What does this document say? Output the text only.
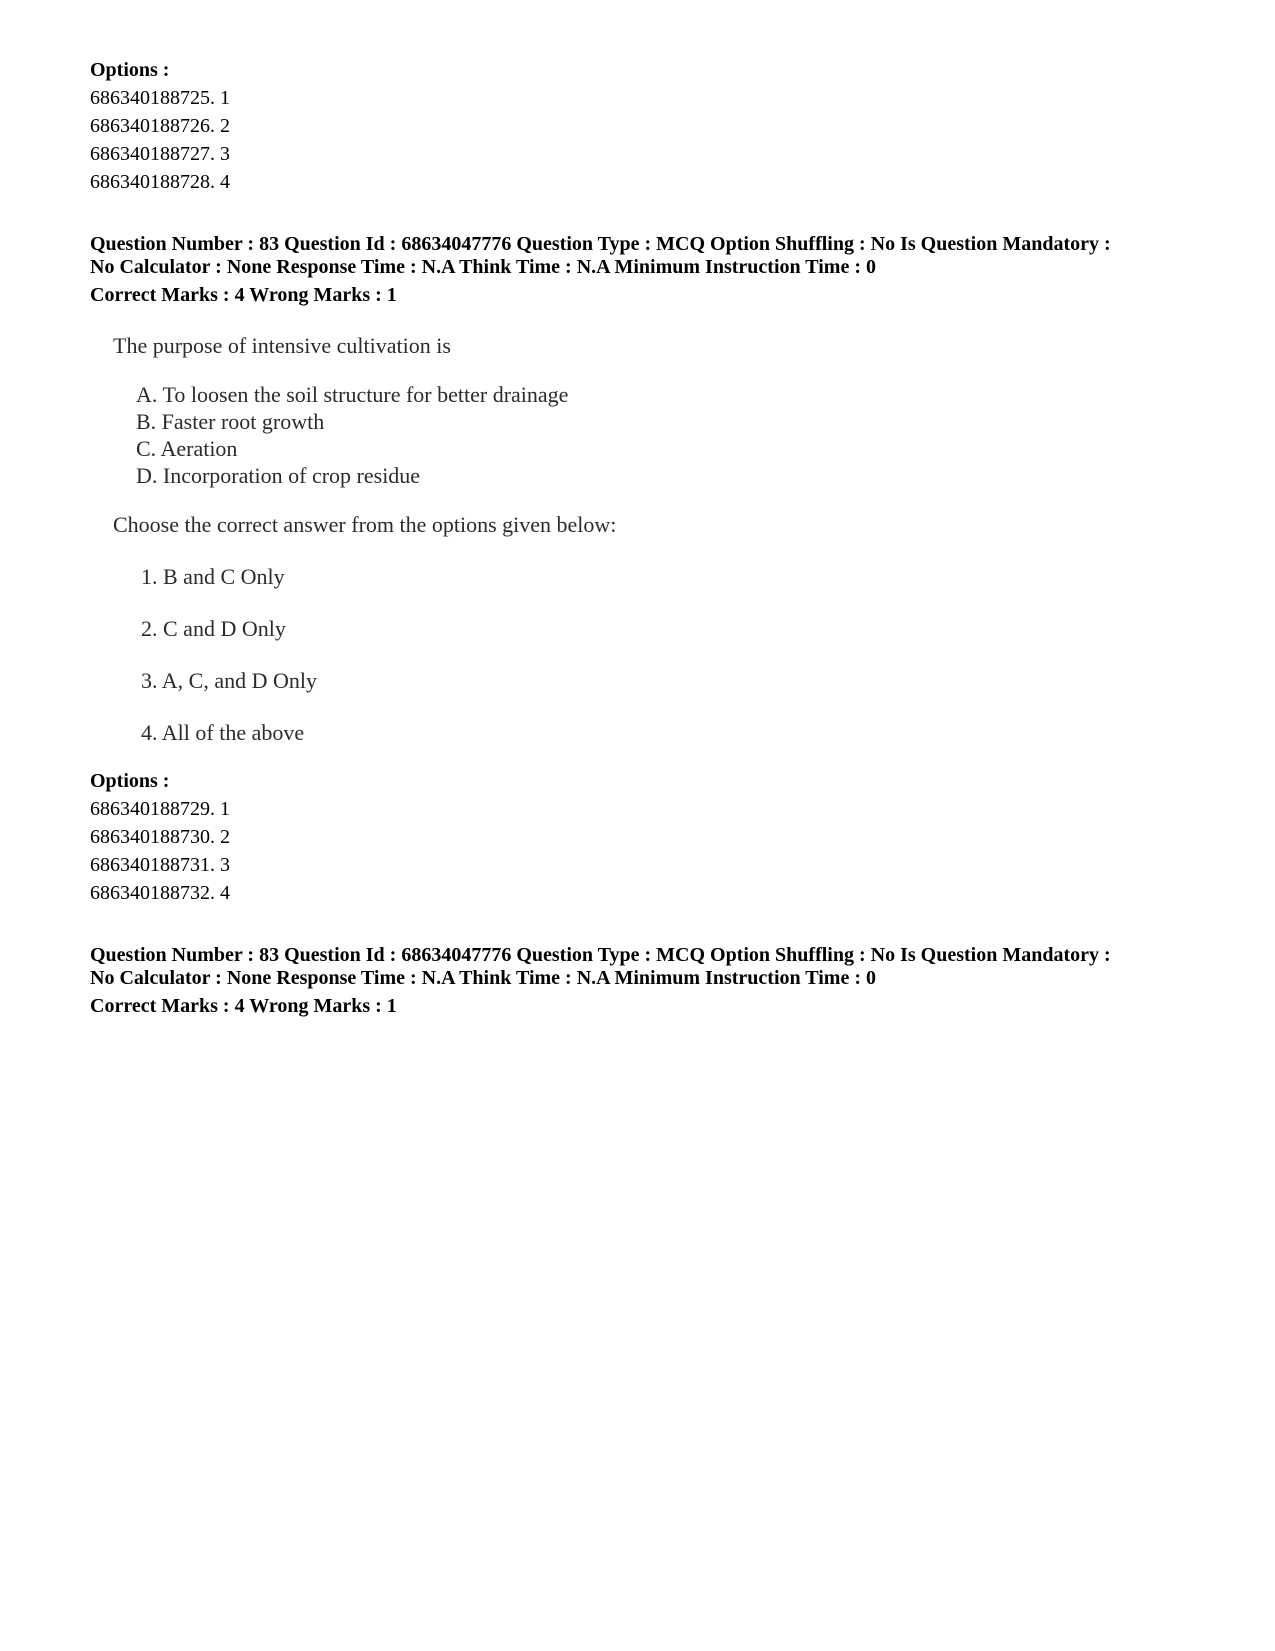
Options :
686340188725. 1
686340188726. 2
686340188727. 3
686340188728. 4
Question Number : 83 Question Id : 68634047776 Question Type : MCQ Option Shuffling : No Is Question Mandatory :
No Calculator : None Response Time : N.A Think Time : N.A Minimum Instruction Time : 0
Correct Marks : 4 Wrong Marks : 1
The purpose of intensive cultivation is
A. To loosen the soil structure for better drainage
B. Faster root growth
C. Aeration
D. Incorporation of crop residue
Choose the correct answer from the options given below:
1. B and C Only
2. C and D Only
3. A, C, and D Only
4. All of the above
Options :
686340188729. 1
686340188730. 2
686340188731. 3
686340188732. 4
Question Number : 83 Question Id : 68634047776 Question Type : MCQ Option Shuffling : No Is Question Mandatory :
No Calculator : None Response Time : N.A Think Time : N.A Minimum Instruction Time : 0
Correct Marks : 4 Wrong Marks : 1
